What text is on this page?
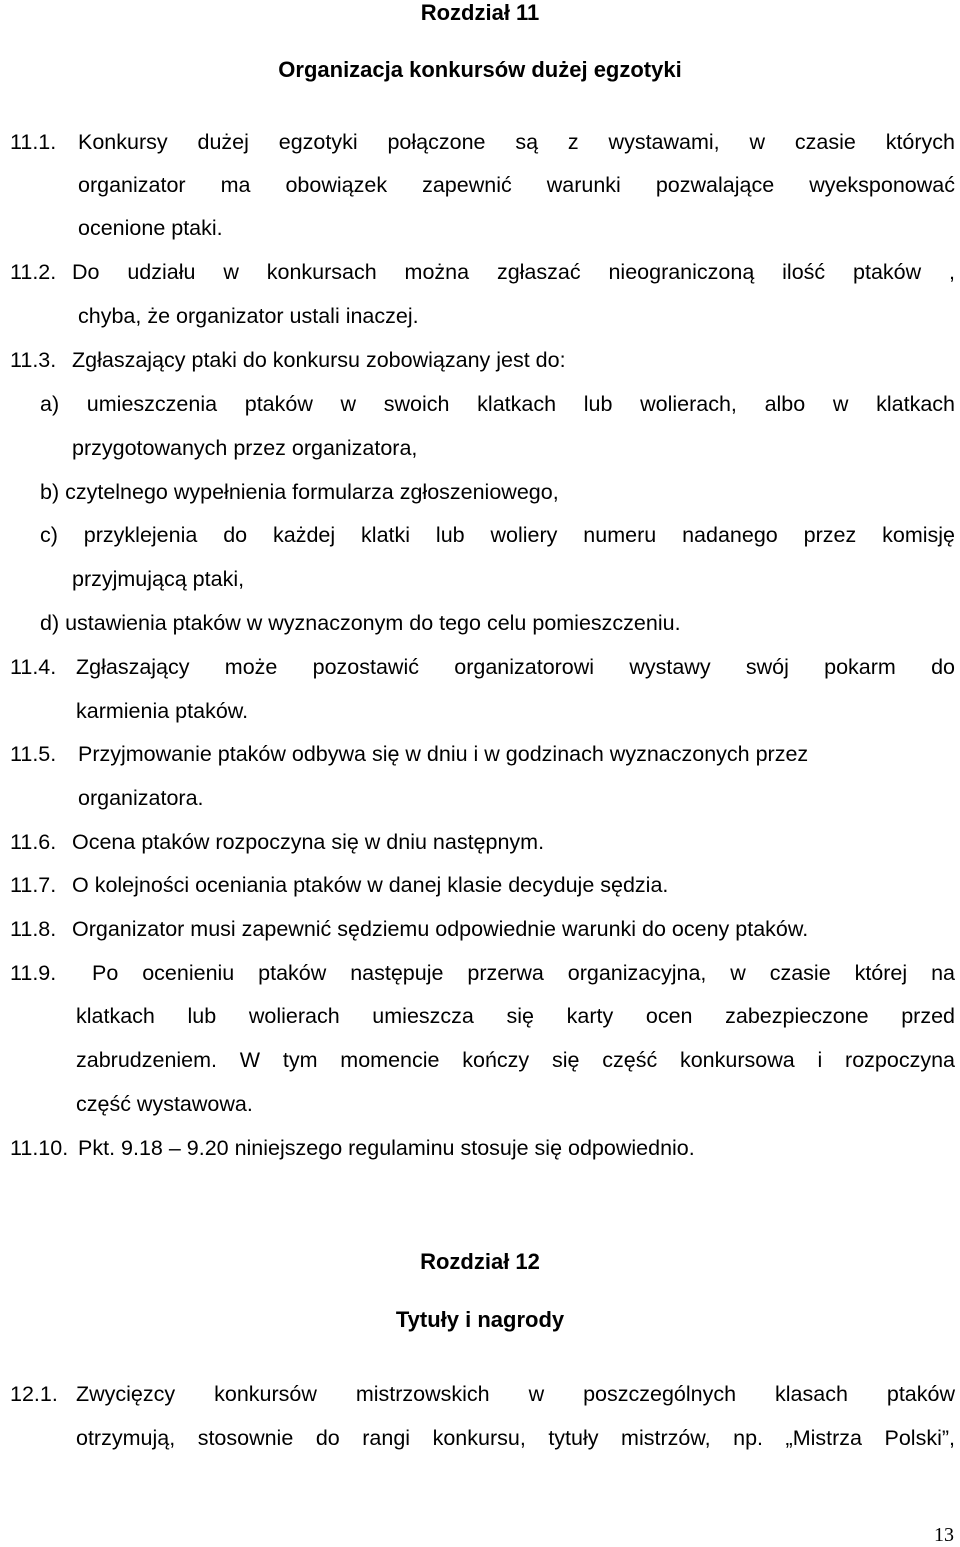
Rozdział 11
Organizacja konkursów dużej egzotyki
11.1. Konkursy dużej egzotyki połączone są z wystawami, w czasie których
organizator ma obowiązek zapewnić warunki pozwalające wyeksponować
ocenione ptaki.
11.2. Do udziału w konkursach można zgłaszać nieograniczoną ilość ptaków ,
chyba, że organizator ustali inaczej.
11.3. Zgłaszający ptaki do konkursu zobowiązany jest do:
a) umieszczenia ptaków w swoich klatkach lub wolierach, albo w klatkach
przygotowanych przez organizatora,
b) czytelnego wypełnienia formularza zgłoszeniowego,
c) przyklejenia do każdej klatki lub woliery numeru nadanego przez komisję
przyjmującą ptaki,
d) ustawienia ptaków w wyznaczonym do tego celu pomieszczeniu.
11.4. Zgłaszający może pozostawić organizatorowi wystawy swój pokarm do
karmienia ptaków.
11.5. Przyjmowanie ptaków odbywa się w dniu i w godzinach wyznaczonych przez
organizatora.
11.6. Ocena ptaków rozpoczyna się w dniu następnym.
11.7. O kolejności oceniania ptaków w danej klasie decyduje sędzia.
11.8. Organizator musi zapewnić sędziemu odpowiednie warunki do oceny ptaków.
11.9. Po ocenieniu ptaków następuje przerwa organizacyjna, w czasie której na
klatkach lub wolierach umieszcza się karty ocen zabezpieczone przed
zabrudzeniem. W tym momencie kończy się część konkursowa i rozpoczyna
część wystawowa.
11.10. Pkt. 9.18 – 9.20 niniejszego regulaminu stosuje się odpowiednio.
Rozdział 12
Tytuły i nagrody
12.1. Zwycięzcy konkursów mistrzowskich w poszczególnych klasach ptaków
otrzymują, stosownie do rangi konkursu, tytuły mistrzów, np. „Mistrza Polski”,
13
